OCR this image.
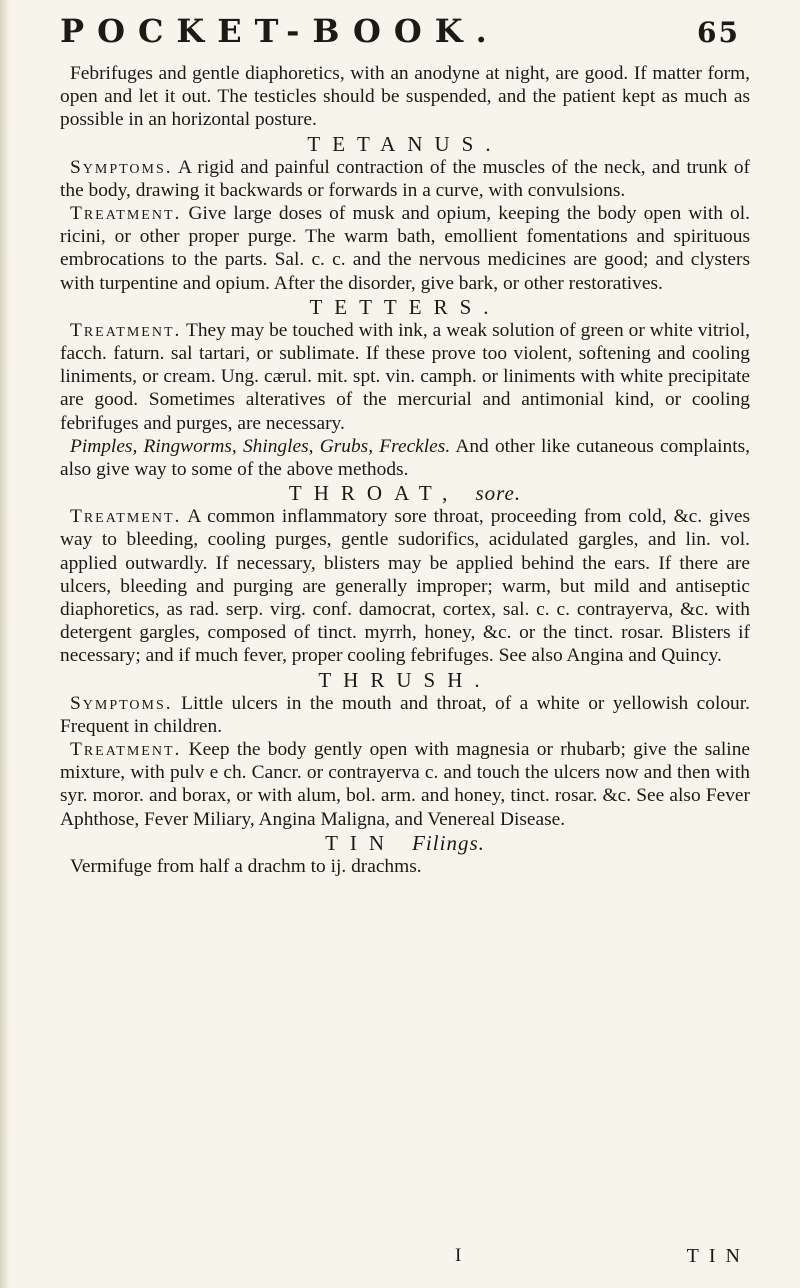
POCKET-BOOK.	65

Febrifuges and gentle diaphoretics, with an anodyne at night, are good. If matter form, open and let it out. The testicles should be suspended, and the patient kept as much as possible in an horizontal posture.

TETANUS.

Symptoms. A rigid and painful contraction of the muscles of the neck, and trunk of the body, drawing it backwards or forwards in a curve, with convulsions.

Treatment. Give large doses of musk and opium, keeping the body open with ol. ricini, or other proper purge. The warm bath, emollient fomentations and spirituous embrocations to the parts. Sal. c. c. and the nervous medicines are good; and clysters with turpentine and opium. After the disorder, give bark, or other restoratives.

TETTERS.

Treatment. They may be touched with ink, a weak solution of green or white vitriol, facch. faturn. sal tartari, or sublimate. If these prove too violent, softening and cooling liniments, or cream. Ung. cærul. mit. spt. vin. camph. or liniments with white precipitate are good. Sometimes alteratives of the mercurial and antimonial kind, or cooling febrifuges and purges, are necessary.

Pimples, Ringworms, Shingles, Grubs, Freckles. And other like cutaneous complaints, also give way to some of the above methods.

THROAT, sore.

Treatment. A common inflammatory sore throat, proceeding from cold, &c. gives way to bleeding, cooling purges, gentle sudorifics, acidulated gargles, and lin. vol. applied outwardly. If necessary, blisters may be applied behind the ears. If there are ulcers, bleeding and purging are generally improper; warm, but mild and antiseptic diaphoretics, as rad. serp. virg. conf. damocrat, cortex, sal. c. c. contrayerva, &c. with detergent gargles, composed of tinct. myrrh, honey, &c. or the tinct. rosar. Blisters if necessary; and if much fever, proper cooling febrifuges. See also Angina and Quincy.

THRUSH.

Symptoms. Little ulcers in the mouth and throat, of a white or yellowish colour. Frequent in children.

Treatment. Keep the body gently open with magnesia or rhubarb; give the saline mixture, with pulv e ch. Cancr. or contrayerva c. and touch the ulcers now and then with syr. moror. and borax, or with alum, bol. arm. and honey, tinct. rosar. &c. See also Fever Aphthose, Fever Miliary, Angina Maligna, and Venereal Disease.

TIN Filings.

Vermifuge from half a drachm to ij. drachms.

I	TIN
